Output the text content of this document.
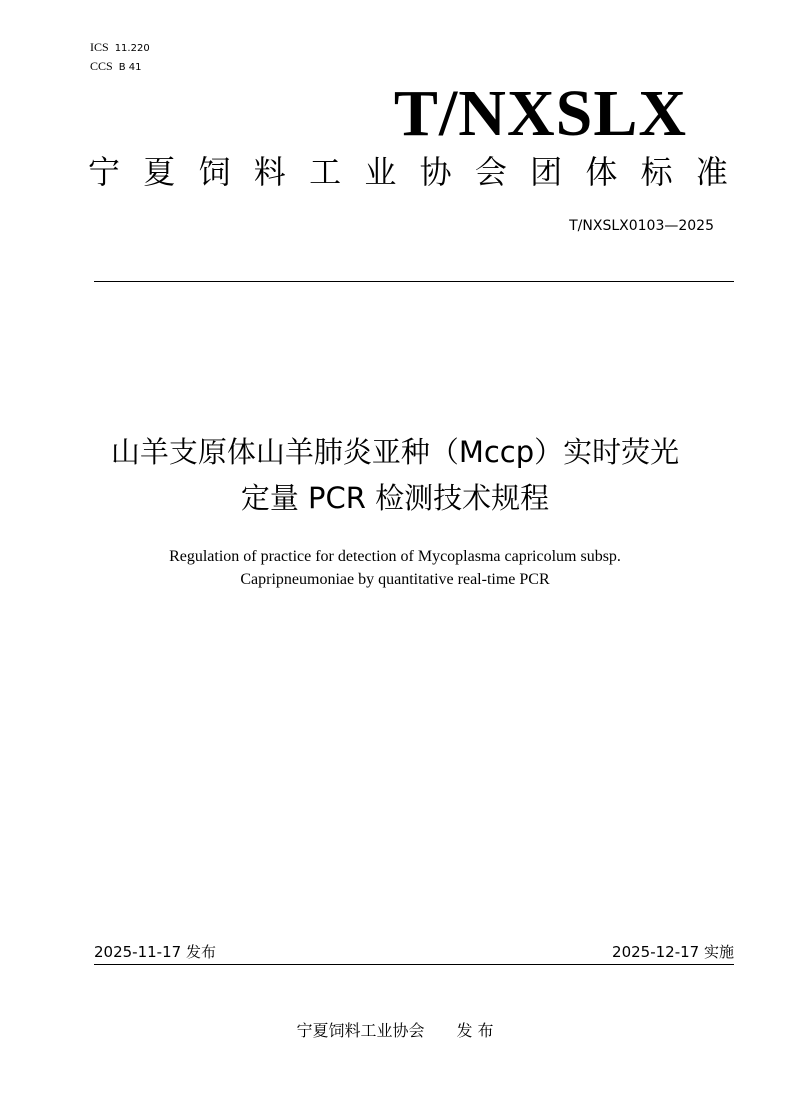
ICS 11.220
CCS B 41
T/NXSLX
宁 夏 饲 料 工 业 协 会 团 体 标 准
T/NXSLX0103—2025
山羊支原体山羊肺炎亚种（Mccp）实时荧光
定量 PCR 检测技术规程
Regulation of practice for detection of Mycoplasma capricolum subsp.
Capripneumoniae by quantitative real-time PCR
2025-11-17 发布	2025-12-17 实施
宁夏饲料工业协会　　发 布
